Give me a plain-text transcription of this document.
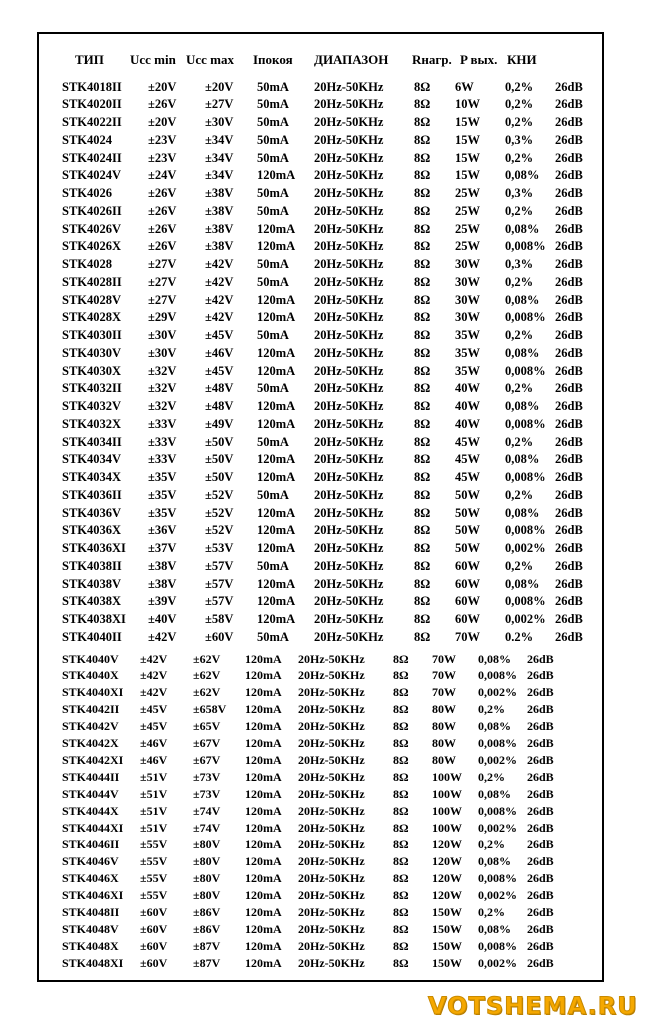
ТИП Ucc min Ucc max Iпокоя ДИАПАЗОН Rнагр. P вых. КНИ
STK4018II ±20V ±20V 50mA 20Hz-50KHz 8Ω 6W	0,2% 26dB
STK4020II ±26V ±27V 50mA 20Hz-50KHz 8Ω 10W 0,2% 26dB
STK4022II ±20V ±30V 50mA 20Hz-50KHz 8Ω 15W 0,2% 26dB
STK4024	±23V ±34V 50mA 20Hz-50KHz 8Ω 15W 0,3% 26dB
STK4024II ±23V ±34V 50mA 20Hz-50KHz 8Ω 15W 0,2% 26dB
STK4024V ±24V ±34V 120mA 20Hz-50KHz 8Ω 15W 0,08% 26dB
STK4026	±26V ±38V 50mA 20Hz-50KHz 8Ω 25W 0,3% 26dB
STK4026II ±26V ±38V 50mA 20Hz-50KHz 8Ω 25W 0,2% 26dB
STK4026V ±26V ±38V 120mA 20Hz-50KHz 8Ω 25W 0,08% 26dB
STK4026X ±26V ±38V 120mA 20Hz-50KHz 8Ω 25W 0,008% 26dB
STK4028	±27V ±42V 50mA 20Hz-50KHz 8Ω 30W 0,3% 26dB
STK4028II ±27V ±42V 50mA 20Hz-50KHz 8Ω 30W 0,2% 26dB
STK4028V ±27V ±42V 120mA 20Hz-50KHz 8Ω 30W 0,08% 26dB
STK4028X ±29V ±42V 120mA 20Hz-50KHz 8Ω 30W 0,008% 26dB
STK4030II ±30V ±45V 50mA 20Hz-50KHz 8Ω 35W 0,2% 26dB
STK4030V ±30V ±46V 120mA 20Hz-50KHz 8Ω 35W 0,08% 26dB
STK4030X ±32V ±45V 120mA 20Hz-50KHz 8Ω 35W 0,008% 26dB
STK4032II ±32V ±48V 50mA 20Hz-50KHz 8Ω 40W 0,2% 26dB
STK4032V ±32V ±48V 120mA 20Hz-50KHz 8Ω 40W 0,08% 26dB
STK4032X ±33V ±49V 120mA 20Hz-50KHz 8Ω 40W 0,008% 26dB
STK4034II ±33V ±50V 50mA 20Hz-50KHz 8Ω 45W 0,2% 26dB
STK4034V ±33V ±50V 120mA 20Hz-50KHz 8Ω 45W 0,08% 26dB
STK4034X ±35V ±50V 120mA 20Hz-50KHz 8Ω 45W 0,008% 26dB
STK4036II ±35V ±52V 50mA 20Hz-50KHz 8Ω 50W 0,2% 26dB
STK4036V ±35V ±52V 120mA 20Hz-50KHz 8Ω 50W 0,08% 26dB
STK4036X ±36V ±52V 120mA 20Hz-50KHz 8Ω 50W 0,008% 26dB
STK4036XI ±37V ±53V 120mA 20Hz-50KHz 8Ω 50W 0,002% 26dB
STK4038II ±38V ±57V 50mA 20Hz-50KHz 8Ω 60W 0,2% 26dB
STK4038V ±38V ±57V 120mA 20Hz-50KHz 8Ω 60W 0,08% 26dB
STK4038X ±39V ±57V 120mA 20Hz-50KHz 8Ω 60W 0,008% 26dB
STK4038XI ±40V ±58V 120mA 20Hz-50KHz 8Ω 60W 0,002% 26dB
STK4040II ±42V ±60V 50mA 20Hz-50KHz 8Ω 70W 0.2% 26dB
STK4040V ±42V ±62V 120mA 20Hz-50KHz 8Ω 70W 0,08% 26dB
STK4040X ±42V ±62V 120mA 20Hz-50KHz 8Ω 70W 0,008% 26dB
STK4040XI ±42V ±62V 120mA 20Hz-50KHz 8Ω 70W 0,002% 26dB
STK4042II ±45V ±658V 120mA 20Hz-50KHz 8Ω 80W 0,2% 26dB
STK4042V ±45V ±65V 120mA 20Hz-50KHz 8Ω 80W 0,08% 26dB
STK4042X ±46V ±67V 120mA 20Hz-50KHz 8Ω 80W 0,008% 26dB
STK4042XI ±46V ±67V 120mA 20Hz-50KHz 8Ω 80W 0,002% 26dB
STK4044II ±51V ±73V 120mA 20Hz-50KHz 8Ω 100W 0,2% 26dB
STK4044V ±51V ±73V 120mA 20Hz-50KHz 8Ω 100W 0,08% 26dB
STK4044X ±51V ±74V 120mA 20Hz-50KHz 8Ω 100W 0,008% 26dB
STK4044XI ±51V ±74V 120mA 20Hz-50KHz 8Ω 100W 0,002% 26dB
STK4046II ±55V ±80V 120mA 20Hz-50KHz 8Ω 120W 0,2% 26dB
STK4046V ±55V ±80V 120mA 20Hz-50KHz 8Ω 120W 0,08% 26dB
STK4046X ±55V ±80V 120mA 20Hz-50KHz 8Ω 120W 0,008% 26dB
STK4046XI ±55V ±80V 120mA 20Hz-50KHz 8Ω 120W 0,002% 26dB
STK4048II ±60V ±86V 120mA 20Hz-50KHz 8Ω 150W 0,2% 26dB
STK4048V ±60V ±86V 120mA 20Hz-50KHz 8Ω 150W 0,08% 26dB
STK4048X ±60V ±87V 120mA 20Hz-50KHz 8Ω 150W 0,008% 26dB
STK4048XI ±60V ±87V 120mA 20Hz-50KHz 8Ω 150W 0,002% 26dB
VOTSHEMA.RU
